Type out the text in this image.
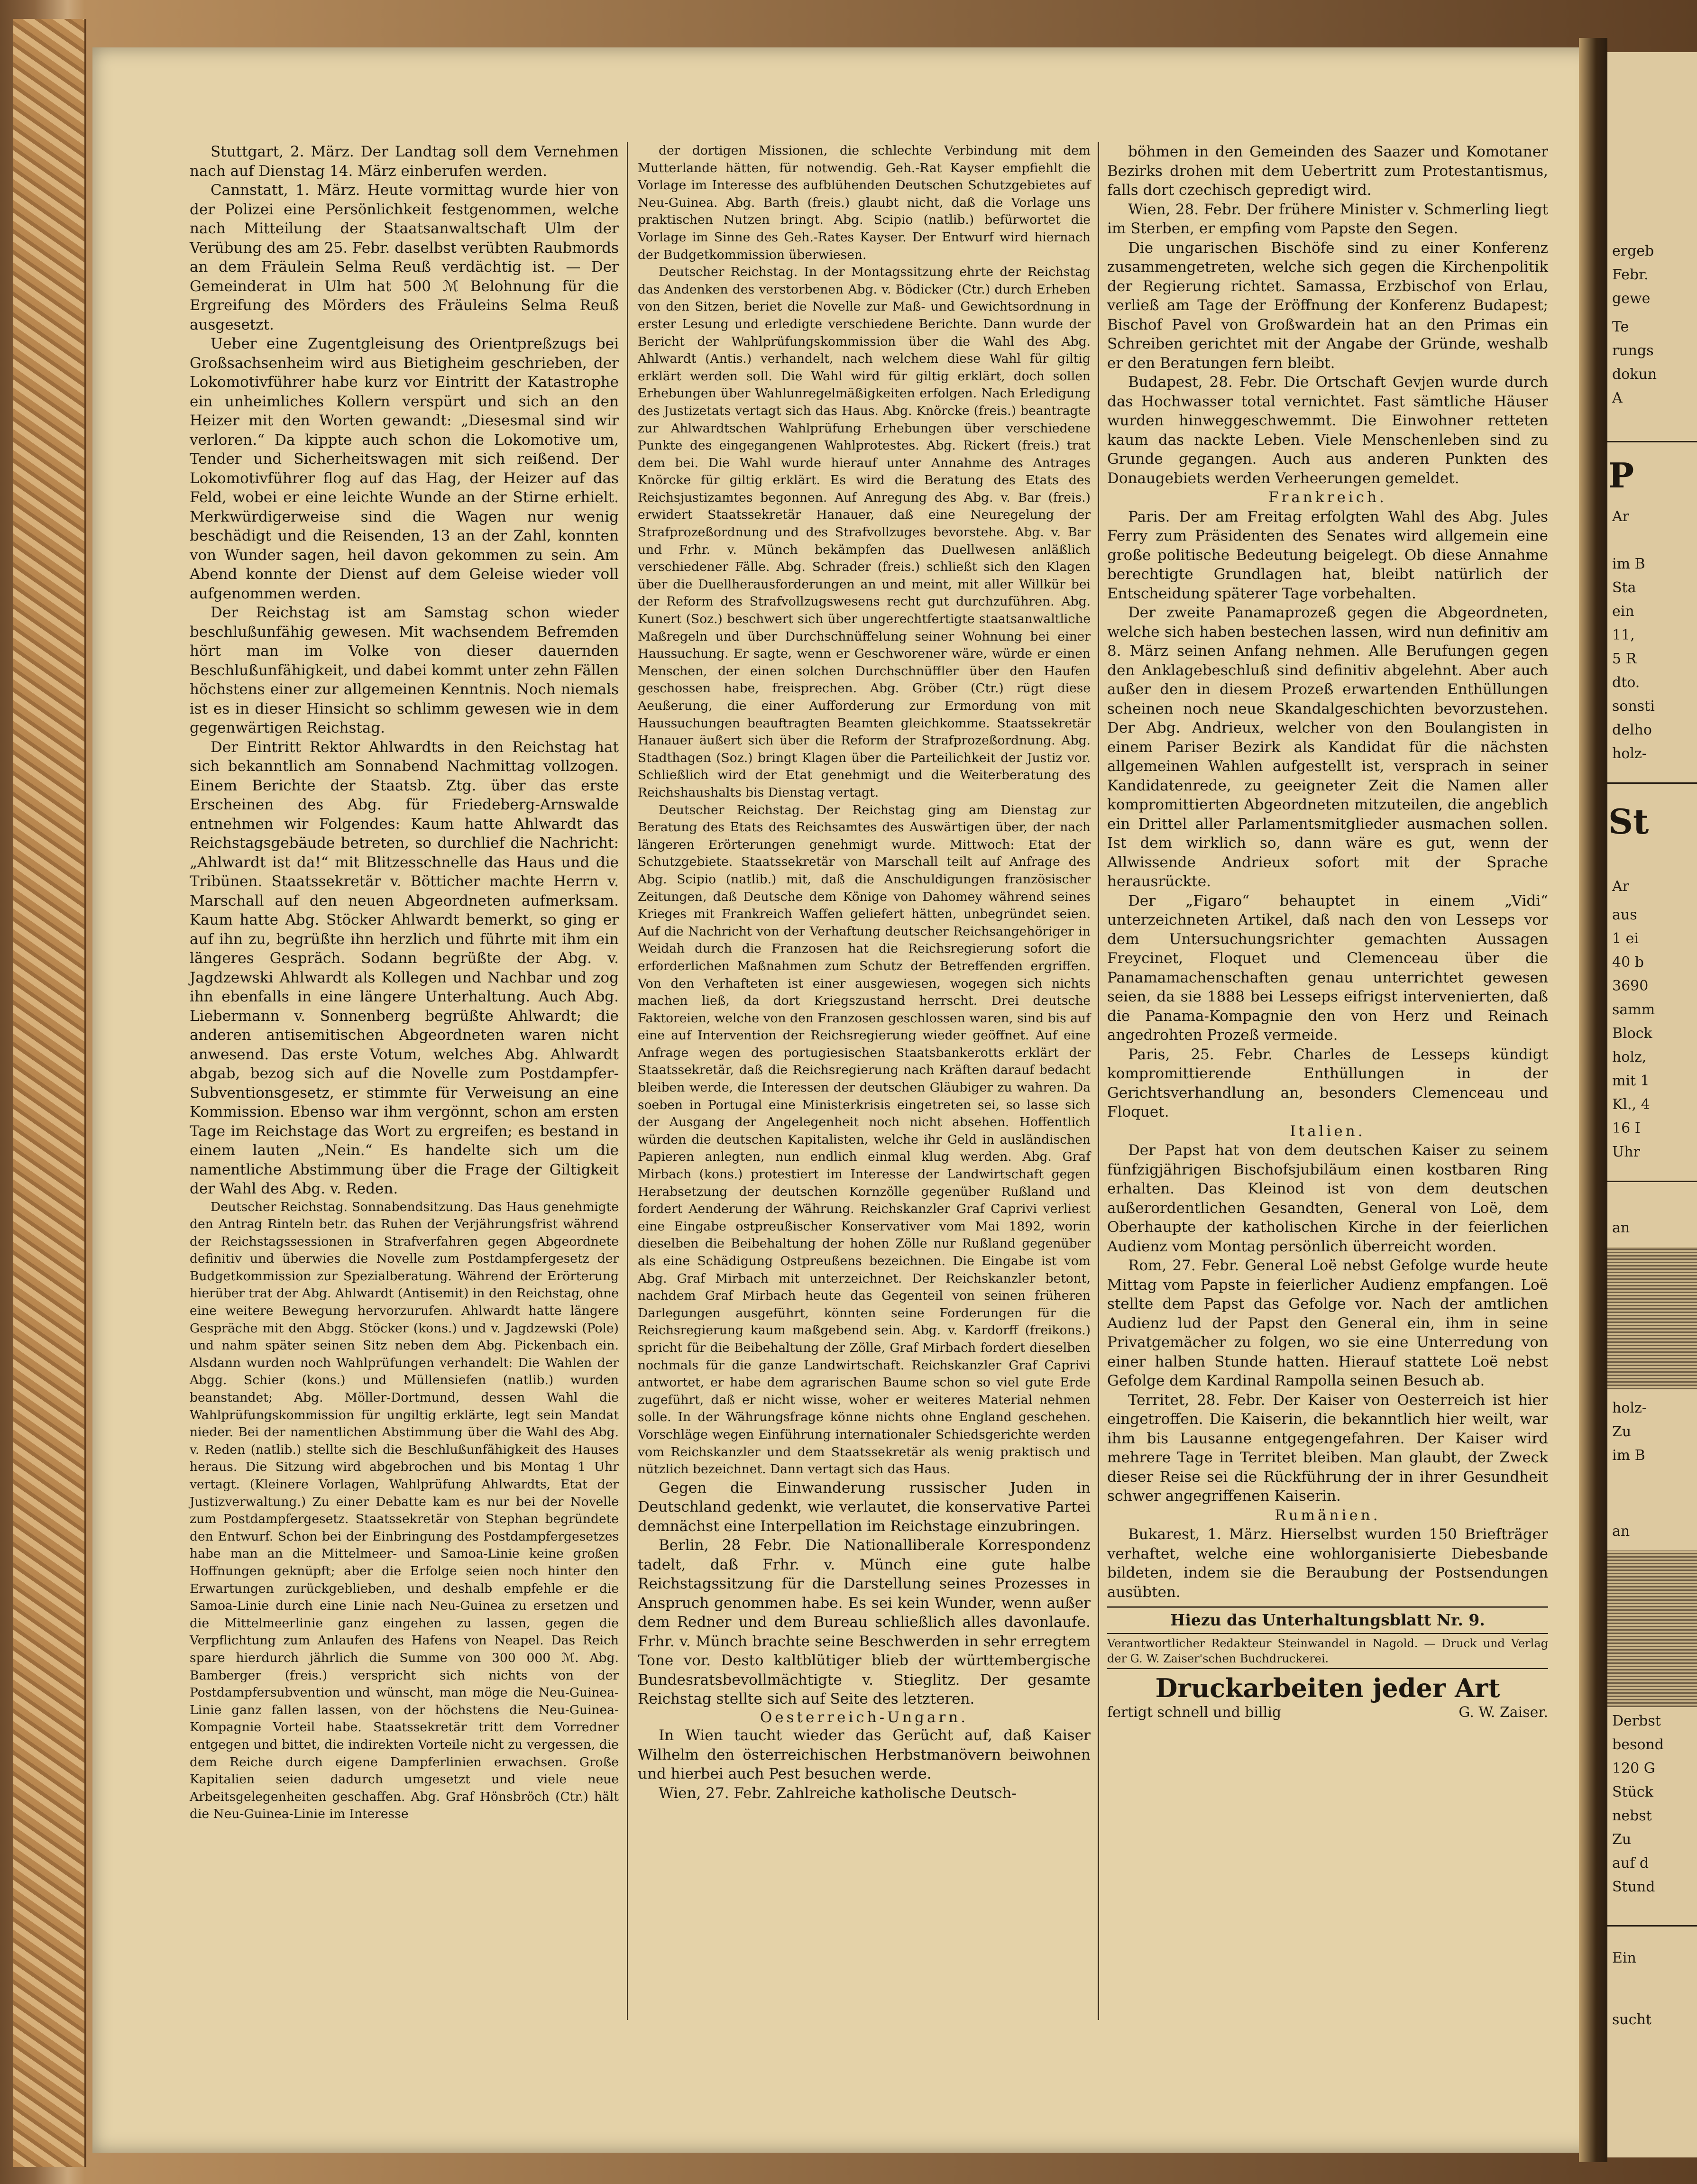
Stuttgart, 2. März. Der Landtag soll dem Vernehmen nach auf Dienstag 14. März einberufen werden.

Cannstatt, 1. März. Heute vormittag wurde hier von der Polizei eine Persönlichkeit festgenommen, welche nach Mitteilung der Staatsanwaltschaft Ulm der Verübung des am 25. Febr. daselbst verübten Raubmords an dem Fräulein Selma Reuß verdächtig ist. — Der Gemeinderat in Ulm hat 500 ℳ Belohnung für die Ergreifung des Mörders des Fräuleins Selma Reuß ausgesetzt.

Ueber eine Zugentgleisung des Orientpreßzugs bei Großsachsenheim wird aus Bietigheim geschrieben, der Lokomotivführer habe kurz vor Eintritt der Katastrophe ein unheimliches Kollern verspürt und sich an den Heizer mit den Worten gewandt: „Diesesmal sind wir verloren.“ Da kippte auch schon die Lokomotive um, Tender und Sicherheitswagen mit sich reißend. Der Lokomotivführer flog auf das Hag, der Heizer auf das Feld, wobei er eine leichte Wunde an der Stirne erhielt. Merkwürdigerweise sind die Wagen nur wenig beschädigt und die Reisenden, 13 an der Zahl, konnten von Wunder sagen, heil davon gekommen zu sein. Am Abend konnte der Dienst auf dem Geleise wieder voll aufgenommen werden.

Der Reichstag ist am Samstag schon wieder beschlußunfähig gewesen. Mit wachsendem Befremden hört man im Volke von dieser dauernden Beschlußunfähigkeit, und dabei kommt unter zehn Fällen höchstens einer zur allgemeinen Kenntnis. Noch niemals ist es in dieser Hinsicht so schlimm gewesen wie in dem gegenwärtigen Reichstag.

Der Eintritt Rektor Ahlwardts in den Reichstag hat sich bekanntlich am Sonnabend Nachmittag vollzogen. Einem Berichte der Staatsb. Ztg. über das erste Erscheinen des Abg. für Friedeberg-Arnswalde entnehmen wir Folgendes: Kaum hatte Ahlwardt das Reichstagsgebäude betreten, so durchlief die Nachricht: „Ahlwardt ist da!“ mit Blitzesschnelle das Haus und die Tribünen. Staatssekretär v. Bötticher machte Herrn v. Marschall auf den neuen Abgeordneten aufmerksam. Kaum hatte Abg. Stöcker Ahlwardt bemerkt, so ging er auf ihn zu, begrüßte ihn herzlich und führte mit ihm ein längeres Gespräch. Sodann begrüßte der Abg. v. Jagdzewski Ahlwardt als Kollegen und Nachbar und zog ihn ebenfalls in eine längere Unterhaltung. Auch Abg. Liebermann v. Sonnenberg begrüßte Ahlwardt; die anderen antisemitischen Abgeordneten waren nicht anwesend. Das erste Votum, welches Abg. Ahlwardt abgab, bezog sich auf die Novelle zum Postdampfer-Subventionsgesetz, er stimmte für Verweisung an eine Kommission. Ebenso war ihm vergönnt, schon am ersten Tage im Reichstage das Wort zu ergreifen; es bestand in einem lauten „Nein.“ Es handelte sich um die namentliche Abstimmung über die Frage der Giltigkeit der Wahl des Abg. v. Reden.

Deutscher Reichstag. Sonnabendsitzung. Das Haus genehmigte den Antrag Rinteln betr. das Ruhen der Verjährungsfrist während der Reichstagssessionen in Strafverfahren gegen Abgeordnete definitiv und überwies die Novelle zum Postdampfergesetz der Budgetkommission zur Spezialberatung. Während der Erörterung hierüber trat der Abg. Ahlwardt (Antisemit) in den Reichstag, ohne eine weitere Bewegung hervorzurufen. Ahlwardt hatte längere Gespräche mit den Abgg. Stöcker (kons.) und v. Jagdzewski (Pole) und nahm später seinen Sitz neben dem Abg. Pickenbach ein. Alsdann wurden noch Wahlprüfungen verhandelt: Die Wahlen der Abgg. Schier (kons.) und Müllensiefen (natlib.) wurden beanstandet; Abg. Möller-Dortmund, dessen Wahl die Wahlprüfungskommission für ungiltig erklärte, legt sein Mandat nieder. Bei der namentlichen Abstimmung über die Wahl des Abg. v. Reden (natlib.) stellte sich die Beschlußunfähigkeit des Hauses heraus. Die Sitzung wird abgebrochen und bis Montag 1 Uhr vertagt. (Kleinere Vorlagen, Wahlprüfung Ahlwardts, Etat der Justizverwaltung.) Zu einer Debatte kam es nur bei der Novelle zum Postdampfergesetz. Staatssekretär von Stephan begründete den Entwurf. Schon bei der Einbringung des Postdampfergesetzes habe man an die Mittelmeer- und Samoa-Linie keine großen Hoffnungen geknüpft; aber die Erfolge seien noch hinter den Erwartungen zurückgeblieben, und deshalb empfehle er die Samoa-Linie durch eine Linie nach Neu-Guinea zu ersetzen und die Mittelmeerlinie ganz eingehen zu lassen, gegen die Verpflichtung zum Anlaufen des Hafens von Neapel. Das Reich spare hierdurch jährlich die Summe von 300 000 ℳ. Abg. Bamberger (freis.) verspricht sich nichts von der Postdampfersubvention und wünscht, man möge die Neu-Guinea-Linie ganz fallen lassen, von der höchstens die Neu-Guinea-Kompagnie Vorteil habe. Staatssekretär tritt dem Vorredner entgegen und bittet, die indirekten Vorteile nicht zu vergessen, die dem Reiche durch eigene Dampferlinien erwachsen. Große Kapitalien seien dadurch umgesetzt und viele neue Arbeitsgelegenheiten geschaffen. Abg. Graf Hönsbröch (Ctr.) hält die Neu-Guinea-Linie im Interesse

der dortigen Missionen, die schlechte Verbindung mit dem Mutterlande hätten, für notwendig. Geh.-Rat Kayser empfiehlt die Vorlage im Interesse des aufblühenden Deutschen Schutzgebietes auf Neu-Guinea. Abg. Barth (freis.) glaubt nicht, daß die Vorlage uns praktischen Nutzen bringt. Abg. Scipio (natlib.) befürwortet die Vorlage im Sinne des Geh.-Rates Kayser. Der Entwurf wird hiernach der Budgetkommission überwiesen.

Deutscher Reichstag. In der Montagssitzung ehrte der Reichstag das Andenken des verstorbenen Abg. v. Bödicker (Ctr.) durch Erheben von den Sitzen, beriet die Novelle zur Maß- und Gewichtsordnung in erster Lesung und erledigte verschiedene Berichte. Dann wurde der Bericht der Wahlprüfungskommission über die Wahl des Abg. Ahlwardt (Antis.) verhandelt, nach welchem diese Wahl für giltig erklärt werden soll. Die Wahl wird für giltig erklärt, doch sollen Erhebungen über Wahlunregelmäßigkeiten erfolgen. Nach Erledigung des Justizetats vertagt sich das Haus. Abg. Knörcke (freis.) beantragte zur Ahlwardtschen Wahlprüfung Erhebungen über verschiedene Punkte des eingegangenen Wahlprotestes. Abg. Rickert (freis.) trat dem bei. Die Wahl wurde hierauf unter Annahme des Antrages Knörcke für giltig erklärt. Es wird die Beratung des Etats des Reichsjustizamtes begonnen. Auf Anregung des Abg. v. Bar (freis.) erwidert Staatssekretär Hanauer, daß eine Neuregelung der Strafprozeßordnung und des Strafvollzuges bevorstehe. Abg. v. Bar und Frhr. v. Münch bekämpfen das Duellwesen anläßlich verschiedener Fälle. Abg. Schrader (freis.) schließt sich den Klagen über die Duellherausforderungen an und meint, mit aller Willkür bei der Reform des Strafvollzugswesens recht gut durchzuführen. Abg. Kunert (Soz.) beschwert sich über ungerechtfertigte staatsanwaltliche Maßregeln und über Durchschnüffelung seiner Wohnung bei einer Haussuchung. Er sagte, wenn er Geschworener wäre, würde er einen Menschen, der einen solchen Durchschnüffler über den Haufen geschossen habe, freisprechen. Abg. Gröber (Ctr.) rügt diese Aeußerung, die einer Aufforderung zur Ermordung von mit Haussuchungen beauftragten Beamten gleichkomme. Staatssekretär Hanauer äußert sich über die Reform der Strafprozeßordnung. Abg. Stadthagen (Soz.) bringt Klagen über die Parteilichkeit der Justiz vor. Schließlich wird der Etat genehmigt und die Weiterberatung des Reichshaushalts bis Dienstag vertagt.

Deutscher Reichstag. Der Reichstag ging am Dienstag zur Beratung des Etats des Reichsamtes des Auswärtigen über, der nach längeren Erörterungen genehmigt wurde. Mittwoch: Etat der Schutzgebiete. Staatssekretär von Marschall teilt auf Anfrage des Abg. Scipio (natlib.) mit, daß die Anschuldigungen französischer Zeitungen, daß Deutsche dem Könige von Dahomey während seines Krieges mit Frankreich Waffen geliefert hätten, unbegründet seien. Auf die Nachricht von der Verhaftung deutscher Reichsangehöriger in Weidah durch die Franzosen hat die Reichsregierung sofort die erforderlichen Maßnahmen zum Schutz der Betreffenden ergriffen. Von den Verhafteten ist einer ausgewiesen, wogegen sich nichts machen ließ, da dort Kriegszustand herrscht. Drei deutsche Faktoreien, welche von den Franzosen geschlossen waren, sind bis auf eine auf Intervention der Reichsregierung wieder geöffnet. Auf eine Anfrage wegen des portugiesischen Staatsbankerotts erklärt der Staatssekretär, daß die Reichsregierung nach Kräften darauf bedacht bleiben werde, die Interessen der deutschen Gläubiger zu wahren. Da soeben in Portugal eine Ministerkrisis eingetreten sei, so lasse sich der Ausgang der Angelegenheit noch nicht absehen. Hoffentlich würden die deutschen Kapitalisten, welche ihr Geld in ausländischen Papieren anlegten, nun endlich einmal klug werden. Abg. Graf Mirbach (kons.) protestiert im Interesse der Landwirtschaft gegen Herabsetzung der deutschen Kornzölle gegenüber Rußland und fordert Aenderung der Währung. Reichskanzler Graf Caprivi verliest eine Eingabe ostpreußischer Konservativer vom Mai 1892, worin dieselben die Beibehaltung der hohen Zölle nur Rußland gegenüber als eine Schädigung Ostpreußens bezeichnen. Die Eingabe ist vom Abg. Graf Mirbach mit unterzeichnet. Der Reichskanzler betont, nachdem Graf Mirbach heute das Gegenteil von seinen früheren Darlegungen ausgeführt, könnten seine Forderungen für die Reichsregierung kaum maßgebend sein. Abg. v. Kardorff (freikons.) spricht für die Beibehaltung der Zölle, Graf Mirbach fordert dieselben nochmals für die ganze Landwirtschaft. Reichskanzler Graf Caprivi antwortet, er habe dem agrarischen Baume schon so viel gute Erde zugeführt, daß er nicht wisse, woher er weiteres Material nehmen solle. In der Währungsfrage könne nichts ohne England geschehen. Vorschläge wegen Einführung internationaler Schiedsgerichte werden vom Reichskanzler und dem Staatssekretär als wenig praktisch und nützlich bezeichnet. Dann vertagt sich das Haus.

Gegen die Einwanderung russischer Juden in Deutschland gedenkt, wie verlautet, die konservative Partei demnächst eine Interpellation im Reichstage einzubringen.

Berlin, 28 Febr. Die Nationalliberale Korrespondenz tadelt, daß Frhr. v. Münch eine gute halbe Reichstagssitzung für die Darstellung seines Prozesses in Anspruch genommen habe. Es sei kein Wunder, wenn außer dem Redner und dem Bureau schließlich alles davonlaufe. Frhr. v. Münch brachte seine Beschwerden in sehr erregtem Tone vor. Desto kaltblütiger blieb der württembergische Bundesratsbevollmächtigte v. Stieglitz. Der gesamte Reichstag stellte sich auf Seite des letzteren.

Oesterreich-Ungarn.

In Wien taucht wieder das Gerücht auf, daß Kaiser Wilhelm den österreichischen Herbstmanövern beiwohnen und hierbei auch Pest besuchen werde.

Wien, 27. Febr. Zahlreiche katholische Deutsch-

böhmen in den Gemeinden des Saazer und Komotaner Bezirks drohen mit dem Uebertritt zum Protestantismus, falls dort czechisch gepredigt wird.

Wien, 28. Febr. Der frühere Minister v. Schmerling liegt im Sterben, er empfing vom Papste den Segen.

Die ungarischen Bischöfe sind zu einer Konferenz zusammengetreten, welche sich gegen die Kirchenpolitik der Regierung richtet. Samassa, Erzbischof von Erlau, verließ am Tage der Eröffnung der Konferenz Budapest; Bischof Pavel von Großwardein hat an den Primas ein Schreiben gerichtet mit der Angabe der Gründe, weshalb er den Beratungen fern bleibt.

Budapest, 28. Febr. Die Ortschaft Gevjen wurde durch das Hochwasser total vernichtet. Fast sämtliche Häuser wurden hinweggeschwemmt. Die Einwohner retteten kaum das nackte Leben. Viele Menschenleben sind zu Grunde gegangen. Auch aus anderen Punkten des Donaugebiets werden Verheerungen gemeldet.

Frankreich.

Paris. Der am Freitag erfolgten Wahl des Abg. Jules Ferry zum Präsidenten des Senates wird allgemein eine große politische Bedeutung beigelegt. Ob diese Annahme berechtigte Grundlagen hat, bleibt natürlich der Entscheidung späterer Tage vorbehalten.

Der zweite Panamaprozeß gegen die Abgeordneten, welche sich haben bestechen lassen, wird nun definitiv am 8. März seinen Anfang nehmen. Alle Berufungen gegen den Anklagebeschluß sind definitiv abgelehnt. Aber auch außer den in diesem Prozeß erwartenden Enthüllungen scheinen noch neue Skandalgeschichten bevorzustehen. Der Abg. Andrieux, welcher von den Boulangisten in einem Pariser Bezirk als Kandidat für die nächsten allgemeinen Wahlen aufgestellt ist, versprach in seiner Kandidatenrede, zu geeigneter Zeit die Namen aller kompromittierten Abgeordneten mitzuteilen, die angeblich ein Drittel aller Parlamentsmitglieder ausmachen sollen. Ist dem wirklich so, dann wäre es gut, wenn der Allwissende Andrieux sofort mit der Sprache herausrückte.

Der „Figaro“ behauptet in einem „Vidi“ unterzeichneten Artikel, daß nach den von Lesseps vor dem Untersuchungsrichter gemachten Aussagen Freycinet, Floquet und Clemenceau über die Panamamachenschaften genau unterrichtet gewesen seien, da sie 1888 bei Lesseps eifrigst intervenierten, daß die Panama-Kompagnie den von Herz und Reinach angedrohten Prozeß vermeide.

Paris, 25. Febr. Charles de Lesseps kündigt kompromittierende Enthüllungen in der Gerichtsverhandlung an, besonders Clemenceau und Floquet.

Italien.

Der Papst hat von dem deutschen Kaiser zu seinem fünfzigjährigen Bischofsjubiläum einen kostbaren Ring erhalten. Das Kleinod ist von dem deutschen außerordentlichen Gesandten, General von Loë, dem Oberhaupte der katholischen Kirche in der feierlichen Audienz vom Montag persönlich überreicht worden.

Rom, 27. Febr. General Loë nebst Gefolge wurde heute Mittag vom Papste in feierlicher Audienz empfangen. Loë stellte dem Papst das Gefolge vor. Nach der amtlichen Audienz lud der Papst den General ein, ihm in seine Privatgemächer zu folgen, wo sie eine Unterredung von einer halben Stunde hatten. Hierauf stattete Loë nebst Gefolge dem Kardinal Rampolla seinen Besuch ab.

Territet, 28. Febr. Der Kaiser von Oesterreich ist hier eingetroffen. Die Kaiserin, die bekanntlich hier weilt, war ihm bis Lausanne entgegengefahren. Der Kaiser wird mehrere Tage in Territet bleiben. Man glaubt, der Zweck dieser Reise sei die Rückführung der in ihrer Gesundheit schwer angegriffenen Kaiserin.

Rumänien.

Bukarest, 1. März. Hierselbst wurden 150 Briefträger verhaftet, welche eine wohlorganisierte Diebesbande bildeten, indem sie die Beraubung der Postsendungen ausübten.

Hiezu das Unterhaltungsblatt Nr. 9.

Verantwortlicher Redakteur Steinwandel in Nagold. — Druck und Verlag der G. W. Zaiser'schen Buchdruckerei.

Druckarbeiten jeder Art
fertigt schnell und billig	G. W. Zaiser.
ergeb
Febr.
gewe
Te
rungs
dokun
A
P
Ar
im B
Sta
ein
11,
5 R
dto.
sonsti
delho
holz-
St
Ar
aus
1 ei
40 b
3690
samm
Block
holz,
mit 1
Kl., 4
16 I
Uhr
an
holz-
Zu
im B
an
Derbst
besond
120 G
Stück
nebst
Zu
auf d
Stund
Ein
sucht
